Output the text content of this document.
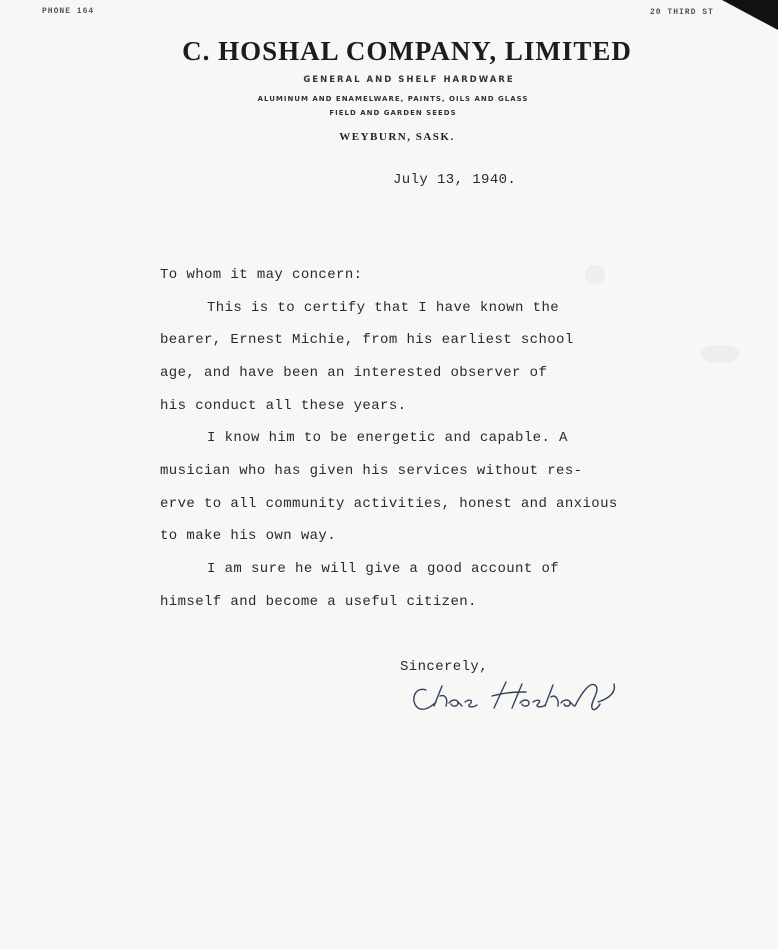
PHONE 164	20 THIRD ST
C. HOSHAL COMPANY, LIMITED
GENERAL AND SHELF HARDWARE
ALUMINUM AND ENAMELWARE, PAINTS, OILS AND GLASS
FIELD AND GARDEN SEEDS
WEYBURN, SASK.
July 13, 1940.
To whom it may concern:
This is to certify that I have known the
bearer, Ernest Michie, from his earliest school
age, and have been an interested observer of
his conduct all these years.
I know him to be energetic and capable. A
musician who has given his services without res-
erve to all community activities, honest and anxious
to make his own way.
I am sure he will give a good account of
himself and become a useful citizen.
Sincerely,
